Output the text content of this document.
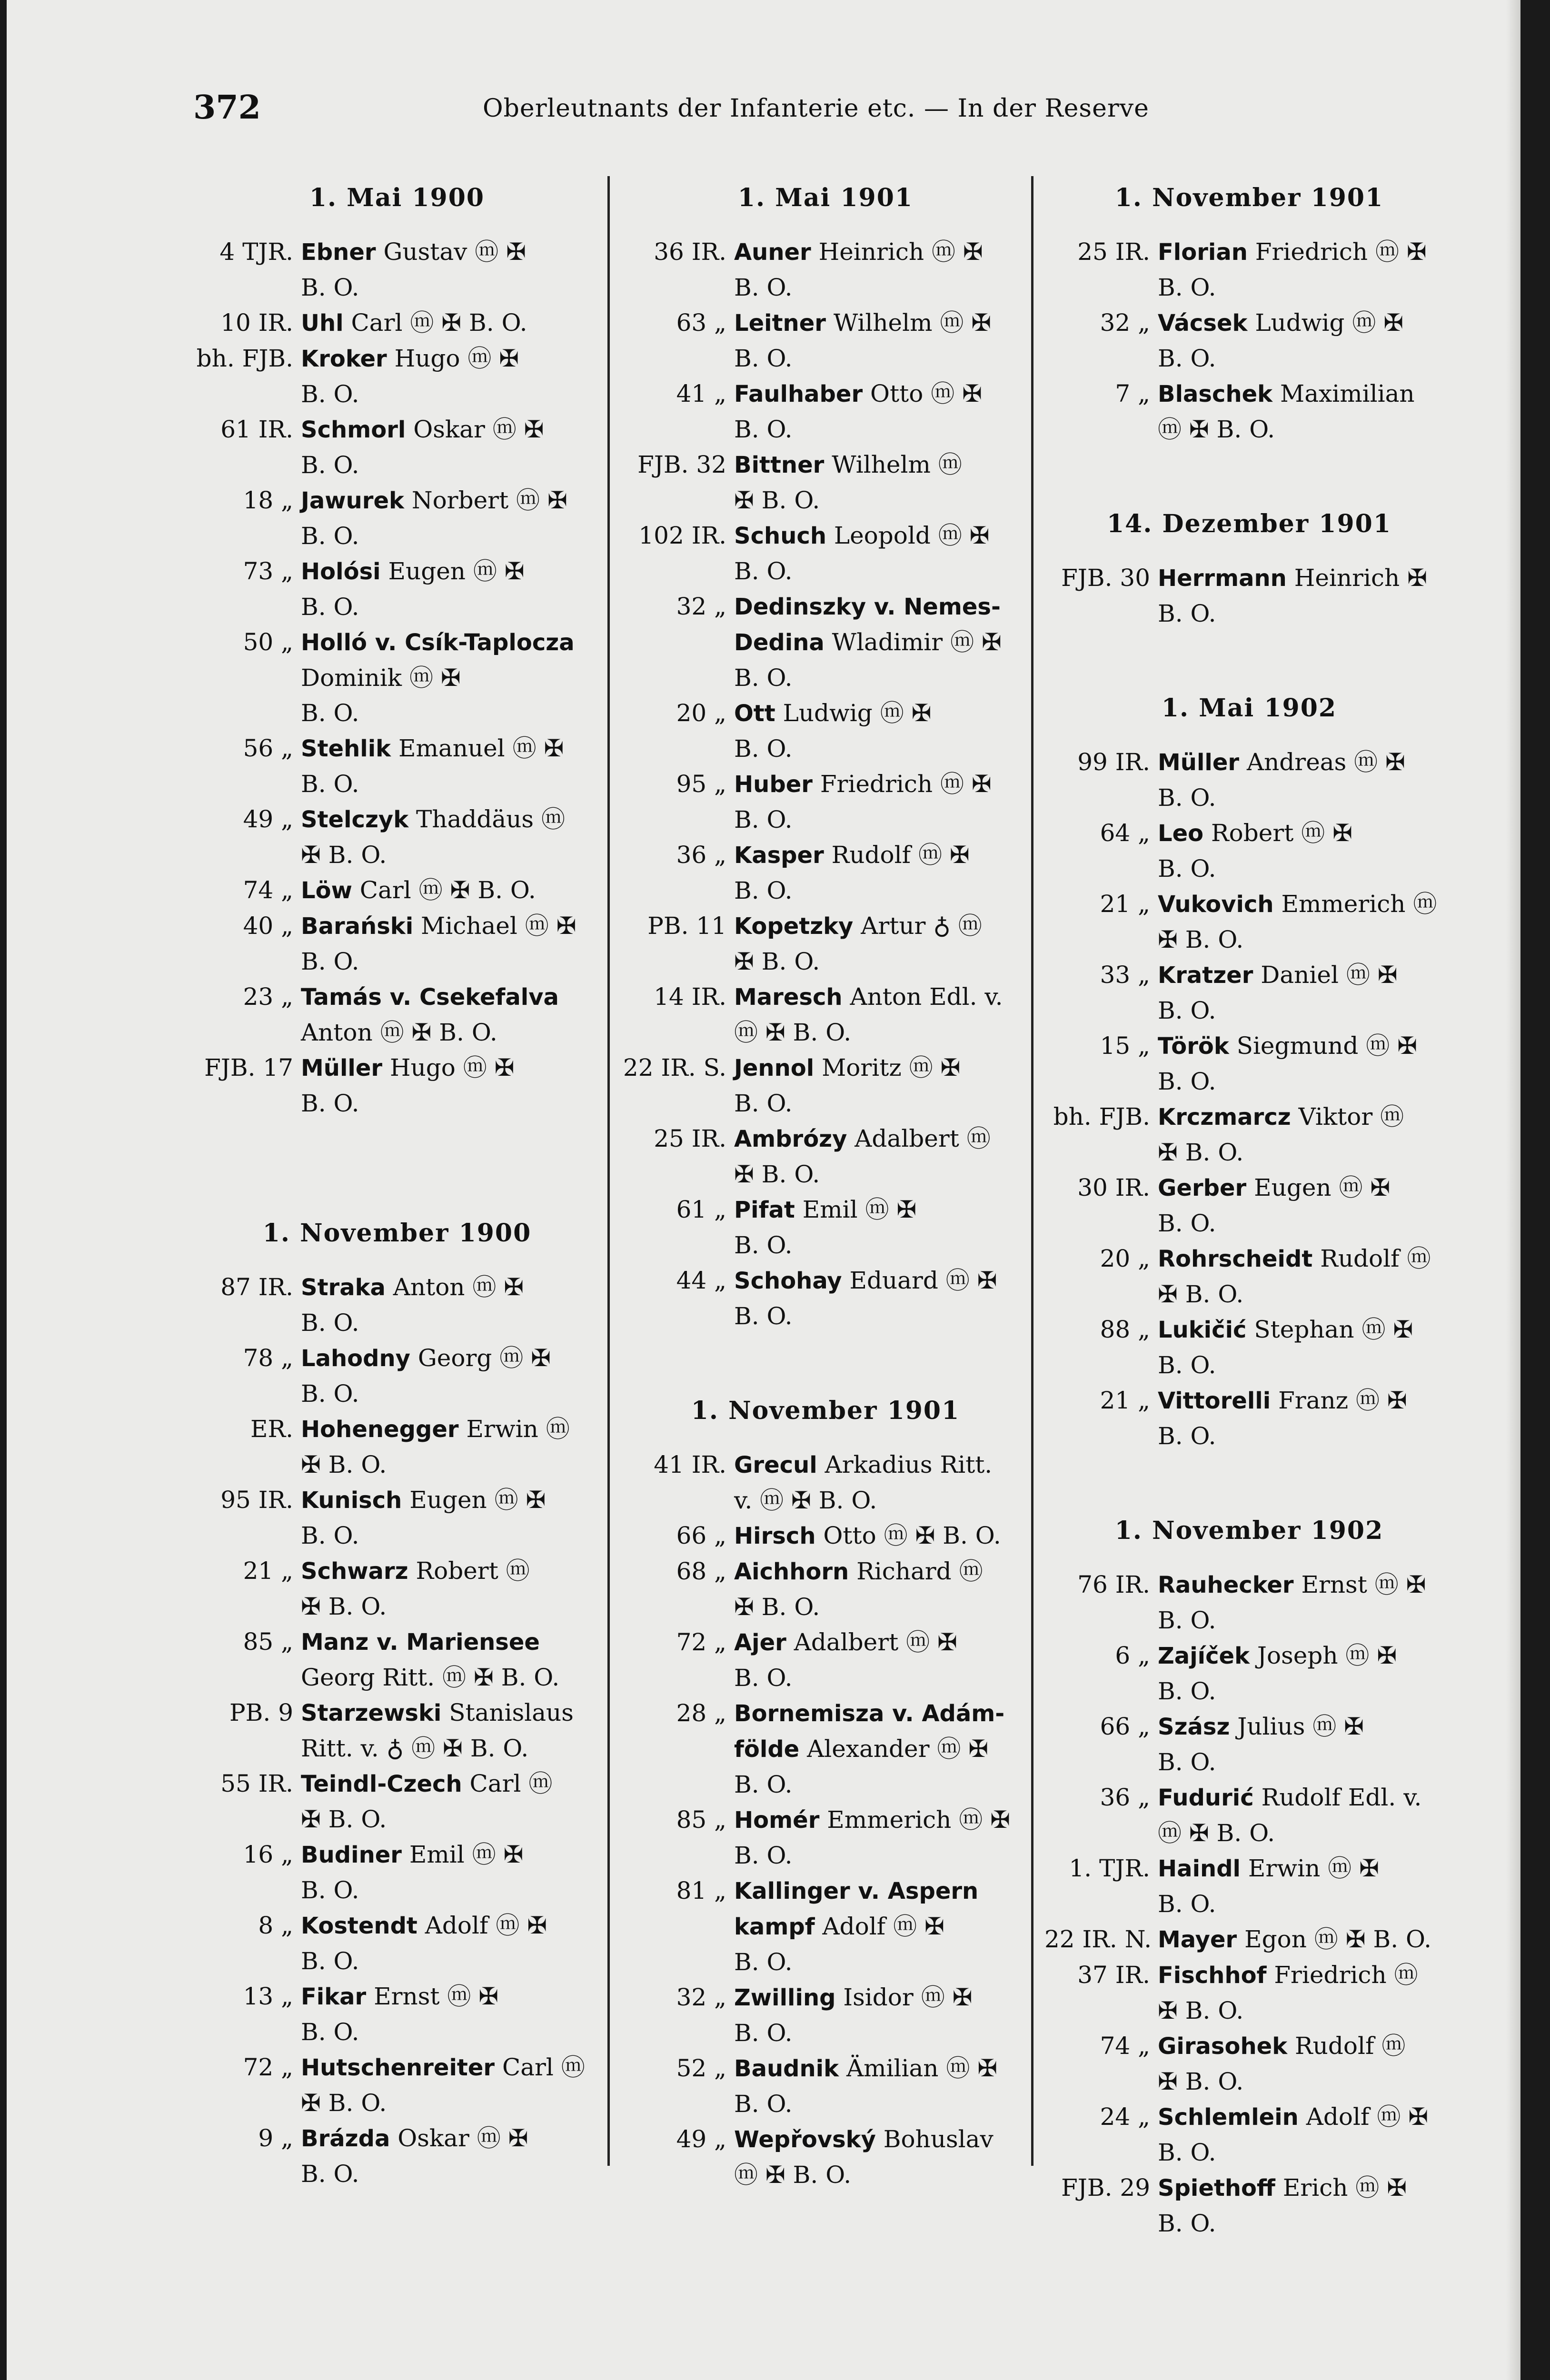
372	Oberleutnants der Infanterie etc. — In der Reserve
1. Mai 1900
4 TJR. Ebner Gustav ⓜ ✠
B. O.
10 IR. Uhl Carl ⓜ ✠ B. O.
bh. FJB. Kroker Hugo ⓜ ✠
B. O.
61 IR. Schmorl Oskar ⓜ ✠
B. O.
18 „ Jawurek Norbert ⓜ ✠
B. O.
73 „ Holósi Eugen ⓜ ✠
B. O.
50 „ Holló v. Csík-Taplocza
Dominik ⓜ ✠
B. O.
56 „ Stehlik Emanuel ⓜ ✠
B. O.
49 „ Stelczyk Thaddäus ⓜ
✠ B. O.
74 „ Löw Carl ⓜ ✠ B. O.
40 „ Barański Michael ⓜ ✠
B. O.
23 „ Tamás v. Csekefalva
Anton ⓜ ✠ B. O.
FJB. 17 Müller Hugo ⓜ ✠
B. O.
1. November 1900
87 IR. Straka Anton ⓜ ✠
B. O.
78 „ Lahodny Georg ⓜ ✠
B. O.
ER. Hohenegger Erwin ⓜ
✠ B. O.
95 IR. Kunisch Eugen ⓜ ✠
B. O.
21 „ Schwarz Robert ⓜ
✠ B. O.
85 „ Manz v. Mariensee
Georg Ritt. ⓜ ✠ B. O.
PB. 9 Starzewski Stanislaus
Ritt. v. ♁ ⓜ ✠ B. O.
55 IR. Teindl-Czech Carl ⓜ
✠ B. O.
16 „ Budiner Emil ⓜ ✠
B. O.
8 „ Kostendt Adolf ⓜ ✠
B. O.
13 „ Fikar Ernst ⓜ ✠
B. O.
72 „ Hutschenreiter Carl ⓜ
✠ B. O.
9 „ Brázda Oskar ⓜ ✠
B. O.
1. Mai 1901
36 IR. Auner Heinrich ⓜ ✠
B. O.
63 „ Leitner Wilhelm ⓜ ✠
B. O.
41 „ Faulhaber Otto ⓜ ✠
B. O.
FJB. 32 Bittner Wilhelm ⓜ
✠ B. O.
102 IR. Schuch Leopold ⓜ ✠
B. O.
32 „ Dedinszky v. Nemes-
Dedina Wladimir ⓜ ✠
B. O.
20 „ Ott Ludwig ⓜ ✠
B. O.
95 „ Huber Friedrich ⓜ ✠
B. O.
36 „ Kasper Rudolf ⓜ ✠
B. O.
PB. 11 Kopetzky Artur ♁ ⓜ
✠ B. O.
14 IR. Maresch Anton Edl. v.
ⓜ ✠ B. O.
22 IR. S. Jennol Moritz ⓜ ✠
B. O.
25 IR. Ambrózy Adalbert ⓜ
✠ B. O.
61 „ Pifat Emil ⓜ ✠
B. O.
44 „ Schohay Eduard ⓜ ✠
B. O.
1. November 1901
41 IR. Grecul Arkadius Ritt.
v. ⓜ ✠ B. O.
66 „ Hirsch Otto ⓜ ✠ B. O.
68 „ Aichhorn Richard ⓜ
✠ B. O.
72 „ Ajer Adalbert ⓜ ✠
B. O.
28 „ Bornemisza v. Adám-
földe Alexander ⓜ ✠
B. O.
85 „ Homér Emmerich ⓜ ✠
B. O.
81 „ Kallinger v. Aspern
kampf Adolf ⓜ ✠
B. O.
32 „ Zwilling Isidor ⓜ ✠
B. O.
52 „ Baudnik Ämilian ⓜ ✠
B. O.
49 „ Wepřovský Bohuslav
ⓜ ✠ B. O.
1. November 1901
25 IR. Florian Friedrich ⓜ ✠
B. O.
32 „ Vácsek Ludwig ⓜ ✠
B. O.
7 „ Blaschek Maximilian
ⓜ ✠ B. O.
14. Dezember 1901
FJB. 30 Herrmann Heinrich ✠
B. O.
1. Mai 1902
99 IR. Müller Andreas ⓜ ✠
B. O.
64 „ Leo Robert ⓜ ✠
B. O.
21 „ Vukovich Emmerich ⓜ
✠ B. O.
33 „ Kratzer Daniel ⓜ ✠
B. O.
15 „ Török Siegmund ⓜ ✠
B. O.
bh. FJB. Krczmarcz Viktor ⓜ
✠ B. O.
30 IR. Gerber Eugen ⓜ ✠
B. O.
20 „ Rohrscheidt Rudolf ⓜ
✠ B. O.
88 „ Lukičić Stephan ⓜ ✠
B. O.
21 „ Vittorelli Franz ⓜ ✠
B. O.
1. November 1902
76 IR. Rauhecker Ernst ⓜ ✠
B. O.
6 „ Zajíček Joseph ⓜ ✠
B. O.
66 „ Szász Julius ⓜ ✠
B. O.
36 „ Fudurić Rudolf Edl. v.
ⓜ ✠ B. O.
1. TJR. Haindl Erwin ⓜ ✠
B. O.
22 IR. N. Mayer Egon ⓜ ✠ B. O.
37 IR. Fischhof Friedrich ⓜ
✠ B. O.
74 „ Girasohek Rudolf ⓜ
✠ B. O.
24 „ Schlemlein Adolf ⓜ ✠
B. O.
FJB. 29 Spiethoff Erich ⓜ ✠
B. O.
